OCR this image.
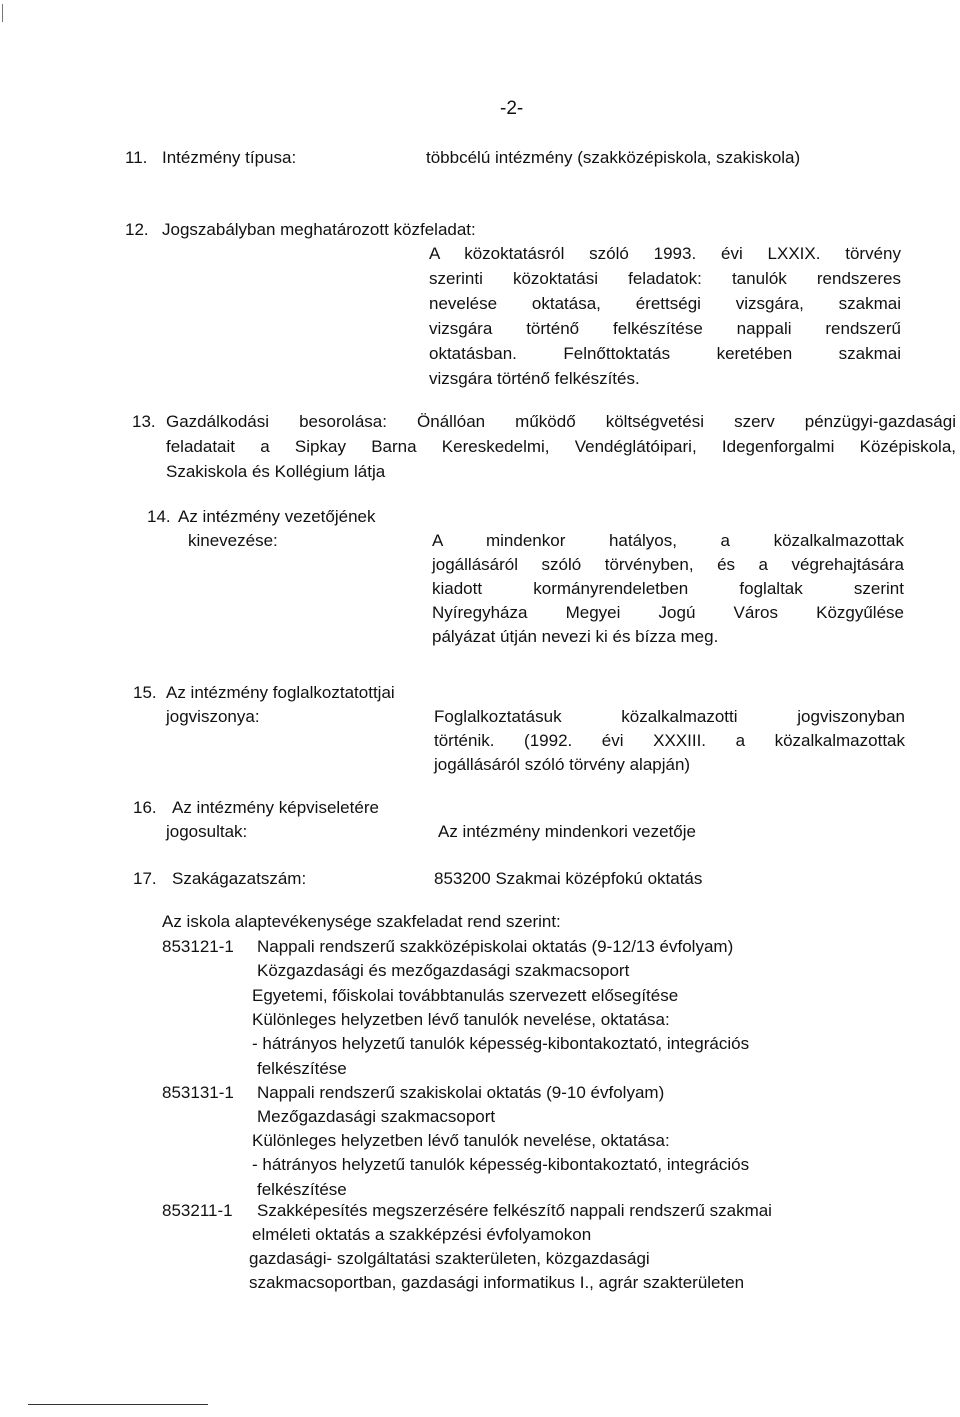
-2-
11. Intézmény típusa:	többcélú intézmény (szakközépiskola, szakiskola)
12. Jogszabályban meghatározott közfeladat:
A közoktatásról szóló 1993. évi LXXIX. törvény
szerinti közoktatási feladatok: tanulók rendszeres
nevelése oktatása, érettségi vizsgára, szakmai
vizsgára történő felkészítése nappali rendszerű
oktatásban. Felnőttoktatás keretében szakmai
vizsgára történő felkészítés.
13. Gazdálkodási besorolása: Önállóan működő költségvetési szerv pénzügyi-gazdasági
feladatait a Sipkay Barna Kereskedelmi, Vendéglátóipari, Idegenforgalmi Középiskola,
Szakiskola és Kollégium látja
14. Az intézmény vezetőjének
kinevezése:	A mindenkor hatályos, a közalkalmazottak
jogállásáról szóló törvényben, és a végrehajtására
kiadott kormányrendeletben foglaltak szerint
Nyíregyháza Megyei Jogú Város Közgyűlése
pályázat útján nevezi ki és bízza meg.
15. Az intézmény foglalkoztatottjai
jogviszonya:	Foglalkoztatásuk közalkalmazotti jogviszonyban
történik. (1992. évi XXXIII. a közalkalmazottak
jogállásáról szóló törvény alapján)
16. Az intézmény képviseletére
jogosultak:	Az intézmény mindenkori vezetője
17. Szakágazatszám:	853200 Szakmai középfokú oktatás
Az iskola alaptevékenysége szakfeladat rend szerint:
853121-1 Nappali rendszerű szakközépiskolai oktatás (9-12/13 évfolyam)
Közgazdasági és mezőgazdasági szakmacsoport
Egyetemi, főiskolai továbbtanulás szervezett elősegítése
Különleges helyzetben lévő tanulók nevelése, oktatása:
- hátrányos helyzetű tanulók képesség-kibontakoztató, integrációs
felkészítése
853131-1 Nappali rendszerű szakiskolai oktatás (9-10 évfolyam)
Mezőgazdasági szakmacsoport
Különleges helyzetben lévő tanulók nevelése, oktatása:
- hátrányos helyzetű tanulók képesség-kibontakoztató, integrációs
felkészítése
853211-1 Szakképesítés megszerzésére felkészítő nappali rendszerű szakmai
elméleti oktatás a szakképzési évfolyamokon
gazdasági- szolgáltatási szakterületen, közgazdasági
szakmacsoportban, gazdasági informatikus I., agrár szakterületen
